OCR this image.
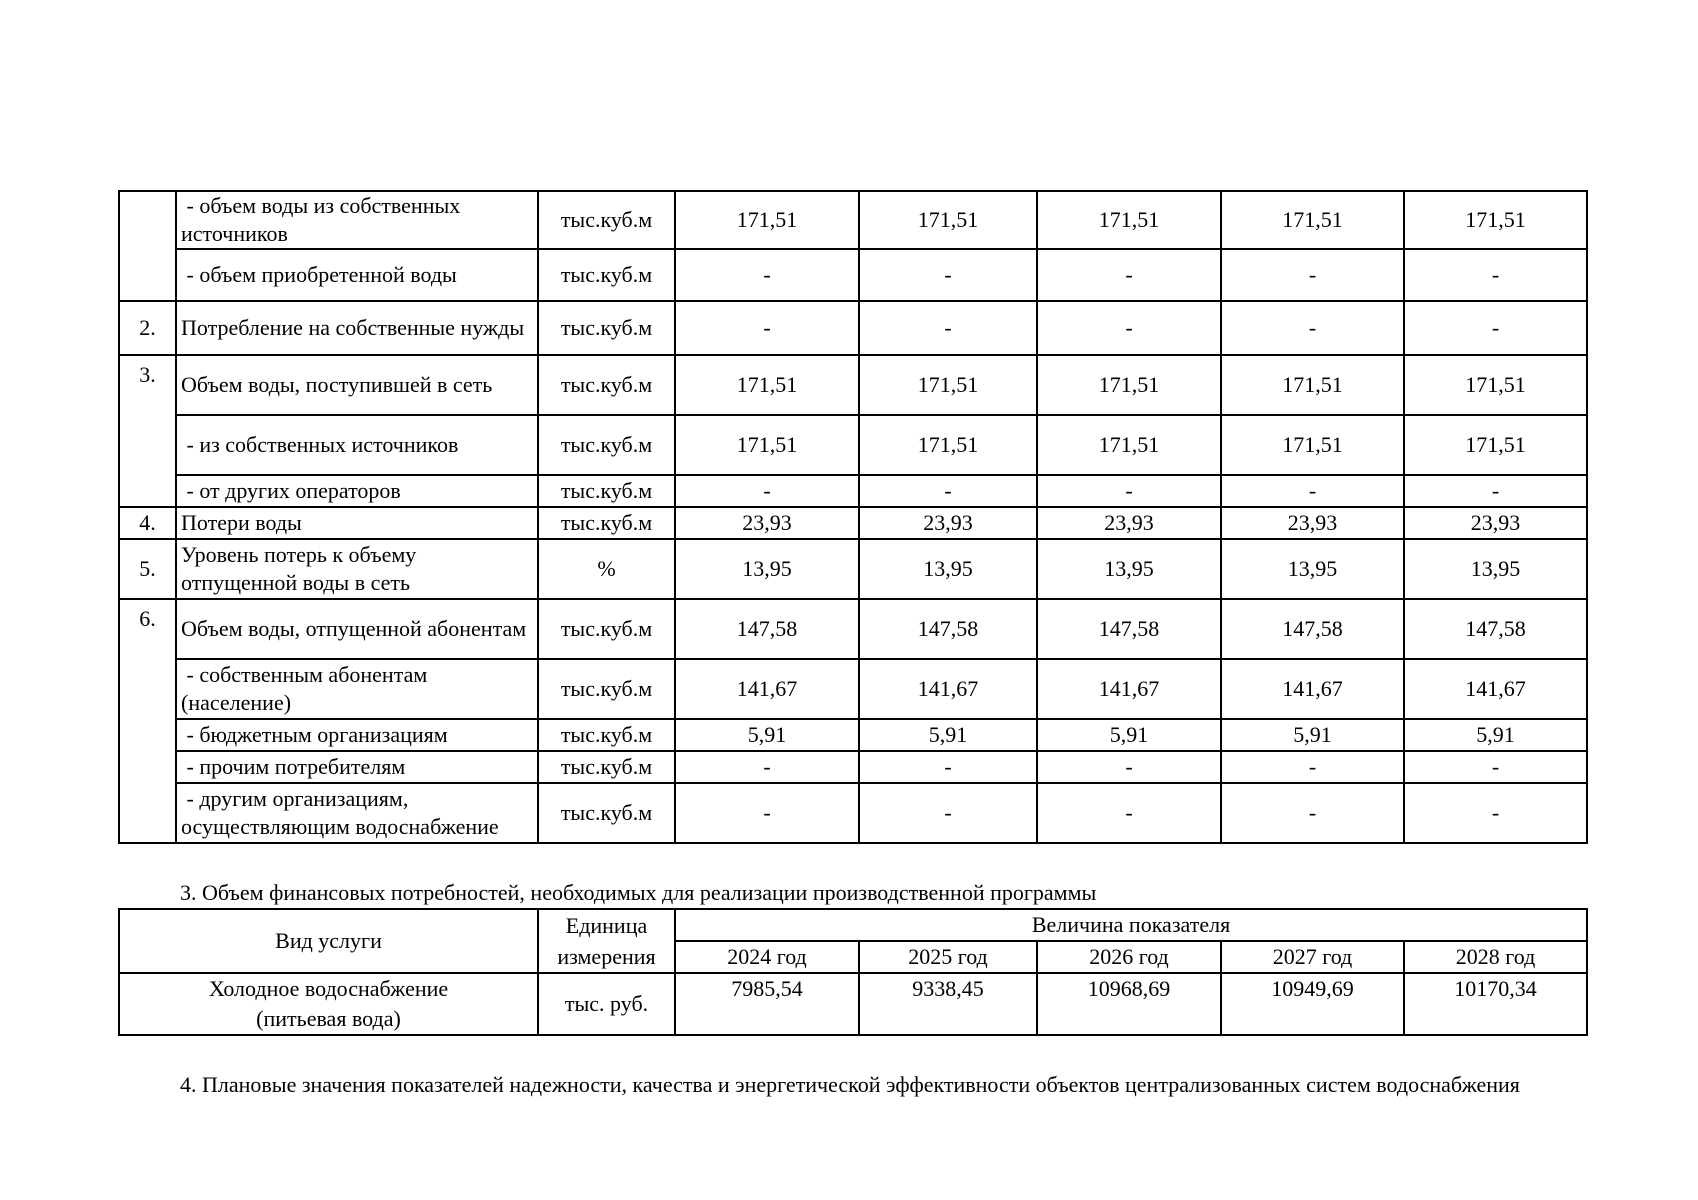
	- объем воды из собственных источников	тыс.куб.м	171,51	171,51	171,51	171,51	171,51
	- объем приобретенной воды	тыс.куб.м	-	-	-	-	-
2.	Потребление на собственные нужды	тыс.куб.м	-	-	-	-	-
3.	Объем воды, поступившей в сеть	тыс.куб.м	171,51	171,51	171,51	171,51	171,51
	- из собственных источников	тыс.куб.м	171,51	171,51	171,51	171,51	171,51
	- от других операторов	тыс.куб.м	-	-	-	-	-
4.	Потери воды	тыс.куб.м	23,93	23,93	23,93	23,93	23,93
5.	Уровень потерь к объему отпущенной воды в сеть	%	13,95	13,95	13,95	13,95	13,95
6.	Объем воды, отпущенной абонентам	тыс.куб.м	147,58	147,58	147,58	147,58	147,58
	- собственным абонентам (население)	тыс.куб.м	141,67	141,67	141,67	141,67	141,67
	- бюджетным организациям	тыс.куб.м	5,91	5,91	5,91	5,91	5,91
	- прочим потребителям	тыс.куб.м	-	-	-	-	-
	- другим организациям, осуществляющим водоснабжение	тыс.куб.м	-	-	-	-	-

3. Объем финансовых потребностей, необходимых для реализации производственной программы

Вид услуги	Единица	Величина показателя				
	измерения	2024 год	2025 год	2026 год	2027 год	2028 год

Холодное водоснабжение
(питьевая вода)	тыс. руб.	7985,54	9338,45	10968,69	10949,69	10170,34

4. Плановые значения показателей надежности, качества и энергетической эффективности объектов централизованных систем водоснабжения
